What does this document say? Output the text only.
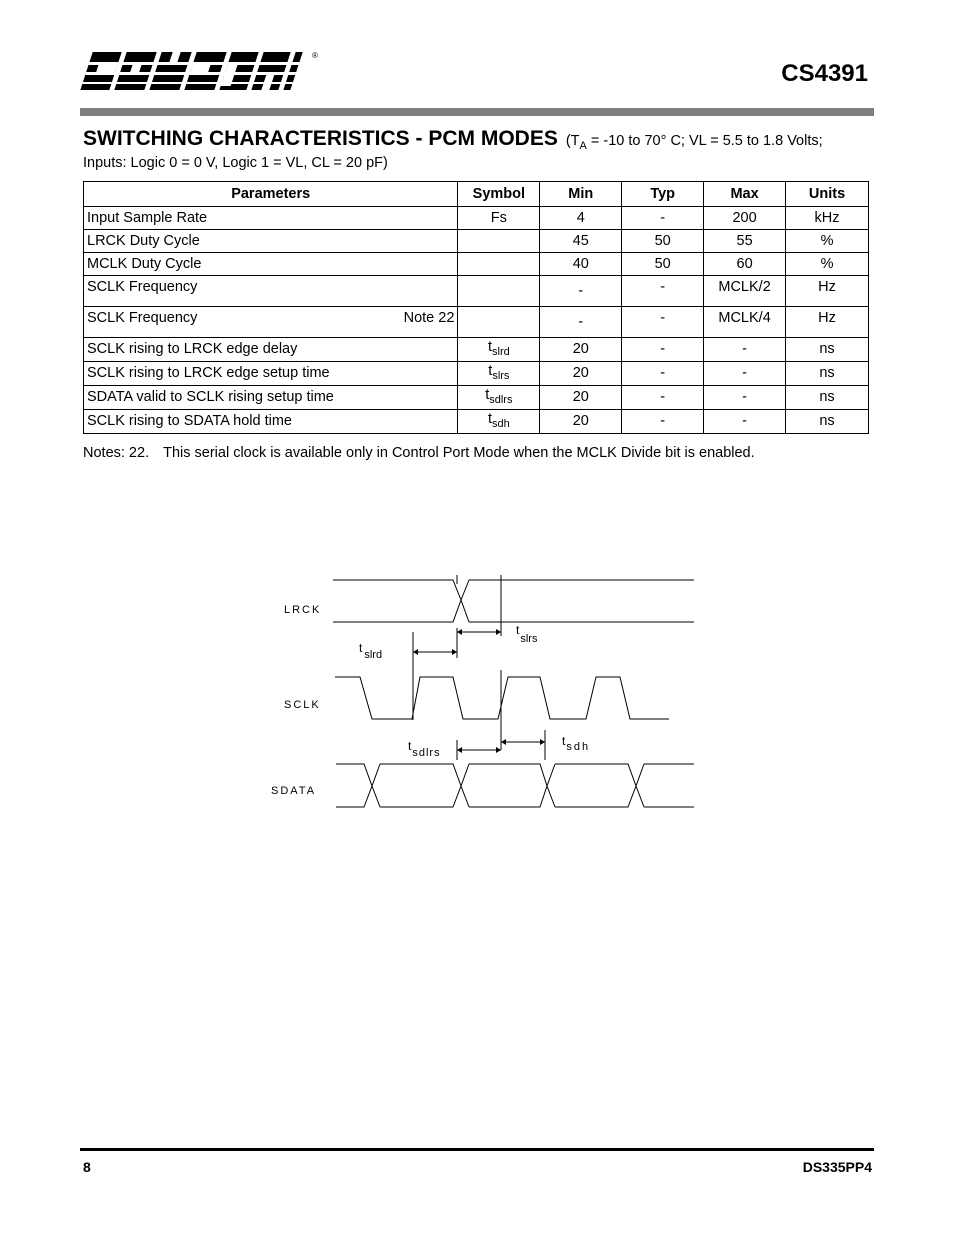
®
CS4391
SWITCHING CHARACTERISTICS - PCM MODES ($T_A = -10$ to 70° C; VL = 5.5 to 1.8 Volts;
Inputs: Logic 0 = 0 V, Logic 1 = VL, CL = 20 pF)
Parameters	Symbol	Min	Typ	Max	Units
Input Sample Rate	Fs	4	-	200	kHz
LRCK Duty Cycle		45	50	55	%
MCLK Duty Cycle		40	50	60	%
SCLK Frequency		-	-	MCLK/2	Hz
SCLK Frequency Note 22		-	-	MCLK/4	Hz
SCLK rising to LRCK edge delay	$t_{slrd}$	20	-	-	ns
SCLK rising to LRCK edge setup time	$t_{slrs}$	20	-	-	ns
SDATA valid to SCLK rising setup time	$t_{sdlrs}$	20	-	-	ns
SCLK rising to SDATA hold time	$t_{sdh}$	20	-	-	ns
Notes: 22. This serial clock is available only in Control Port Mode when the MCLK Divide bit is enabled.
LRCK
SCLK
SDATA
t slrd
tslrs
tsdlrs
tsdh
8	DS335PP4
